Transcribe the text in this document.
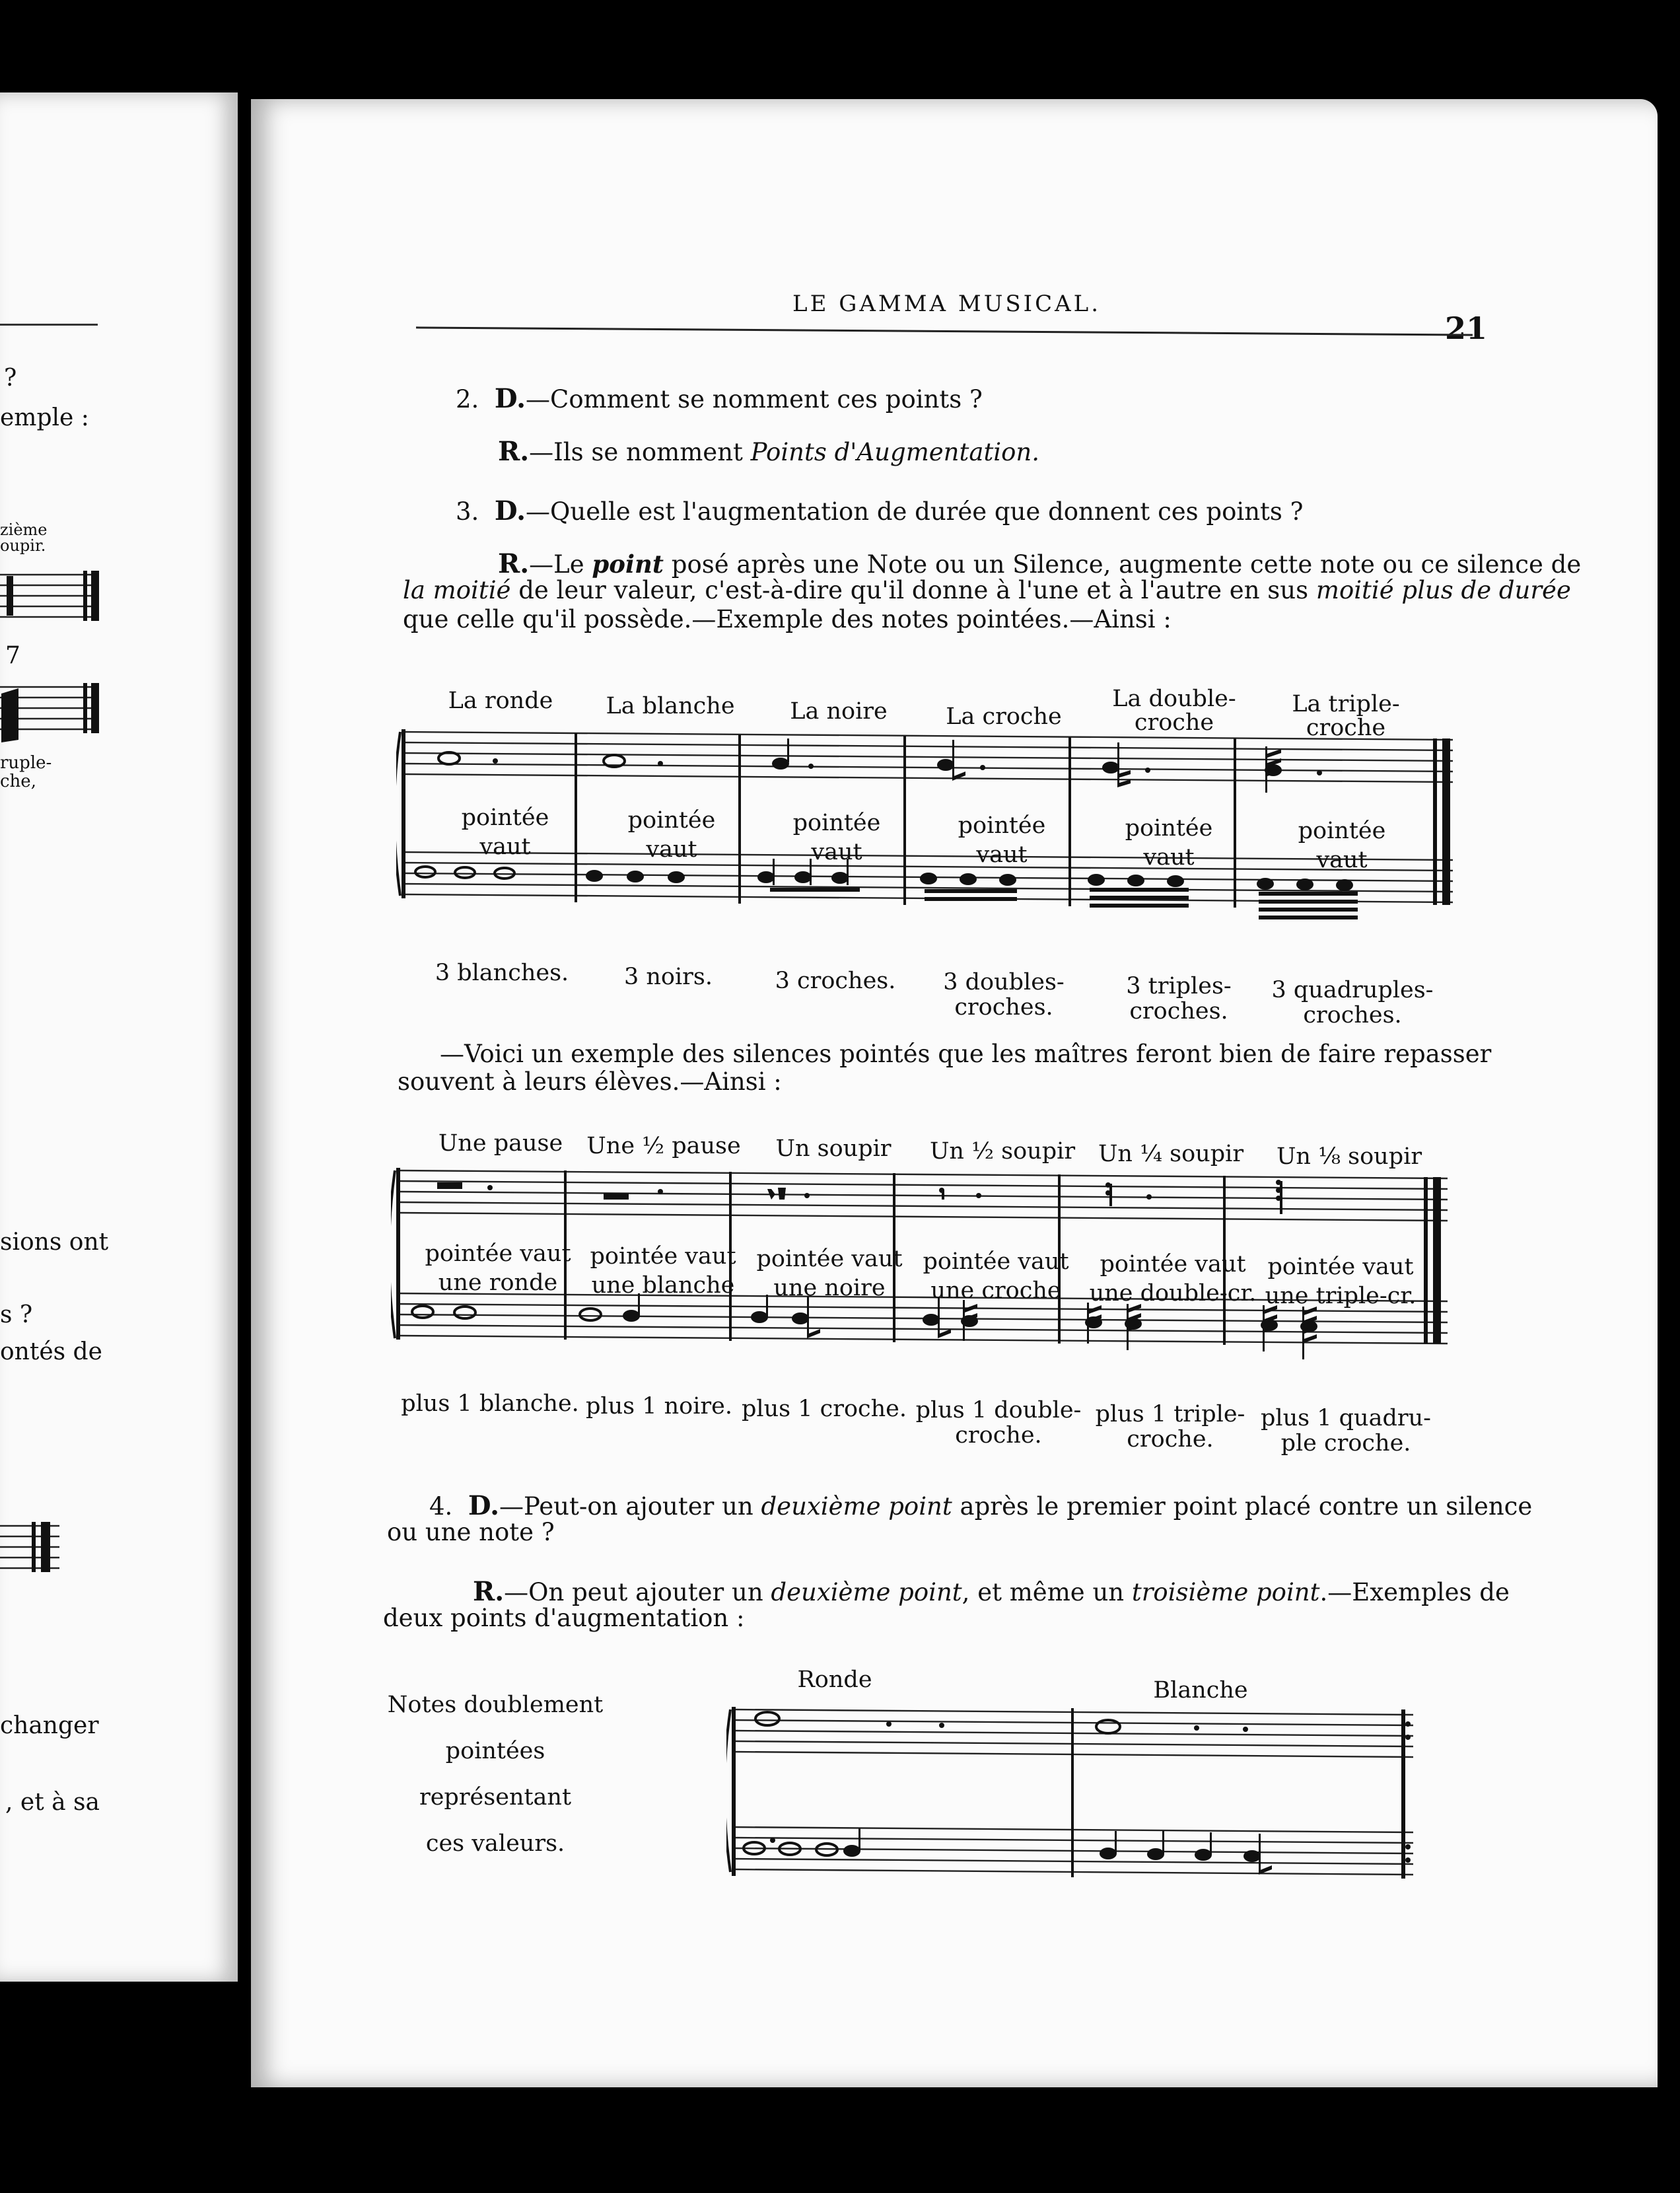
?
emple :
zième
oupir.
7
ruple-
che,
sions ont
s ?
ontés de
changer
, et à sa
LE GAMMA MUSICAL.
21
2. D.—Comment se nomment ces points ?
R.—Ils se nomment Points d'Augmentation.
3. D.—Quelle est l'augmentation de durée que donnent ces points ?
R.—Le point posé après une Note ou un Silence, augmente cette note ou ce silence de
la moitié de leur valeur, c'est-à-dire qu'il donne à l'une et à l'autre en sus moitié plus de durée
que celle qu'il possède.—Exemple des notes pointées.—Ainsi :
La ronde La blanche La noire	La croche
La double-
croche
La triple-
croche
pointée
vaut
pointée
vaut
pointée
vaut
pointée
vaut
pointée
vaut
pointée
vaut
3 blanches. 3 noirs.	3 croches. 3 doubles-
croches.
3 triples-
croches.
3 quadruples-
croches.
—Voici un exemple des silences pointés que les maîtres feront bien de faire repasser
souvent à leurs élèves.—Ainsi :
Une pause Une ½ pause Un soupir Un ½ soupir Un ¼ soupir Un ⅛ soupir
pointée vaut
une ronde
pointée vaut
une blanche
pointée vaut
une noire
pointée vaut
une croche
pointée vaut
une double-cr.
pointée vaut
une triple-cr.
plus 1 blanche. plus 1 noire. plus 1 croche. plus 1 double-
croche.
plus 1 triple-
croche.
plus 1 quadru-
ple croche.
4. D.—Peut-on ajouter un deuxième point après le premier point placé contre un silence
ou une note ?
R.—On peut ajouter un deuxième point, et même un troisième point.—Exemples de
deux points d'augmentation :
Notes doublement
pointées
représentant
ces valeurs.
Ronde	Blanche
